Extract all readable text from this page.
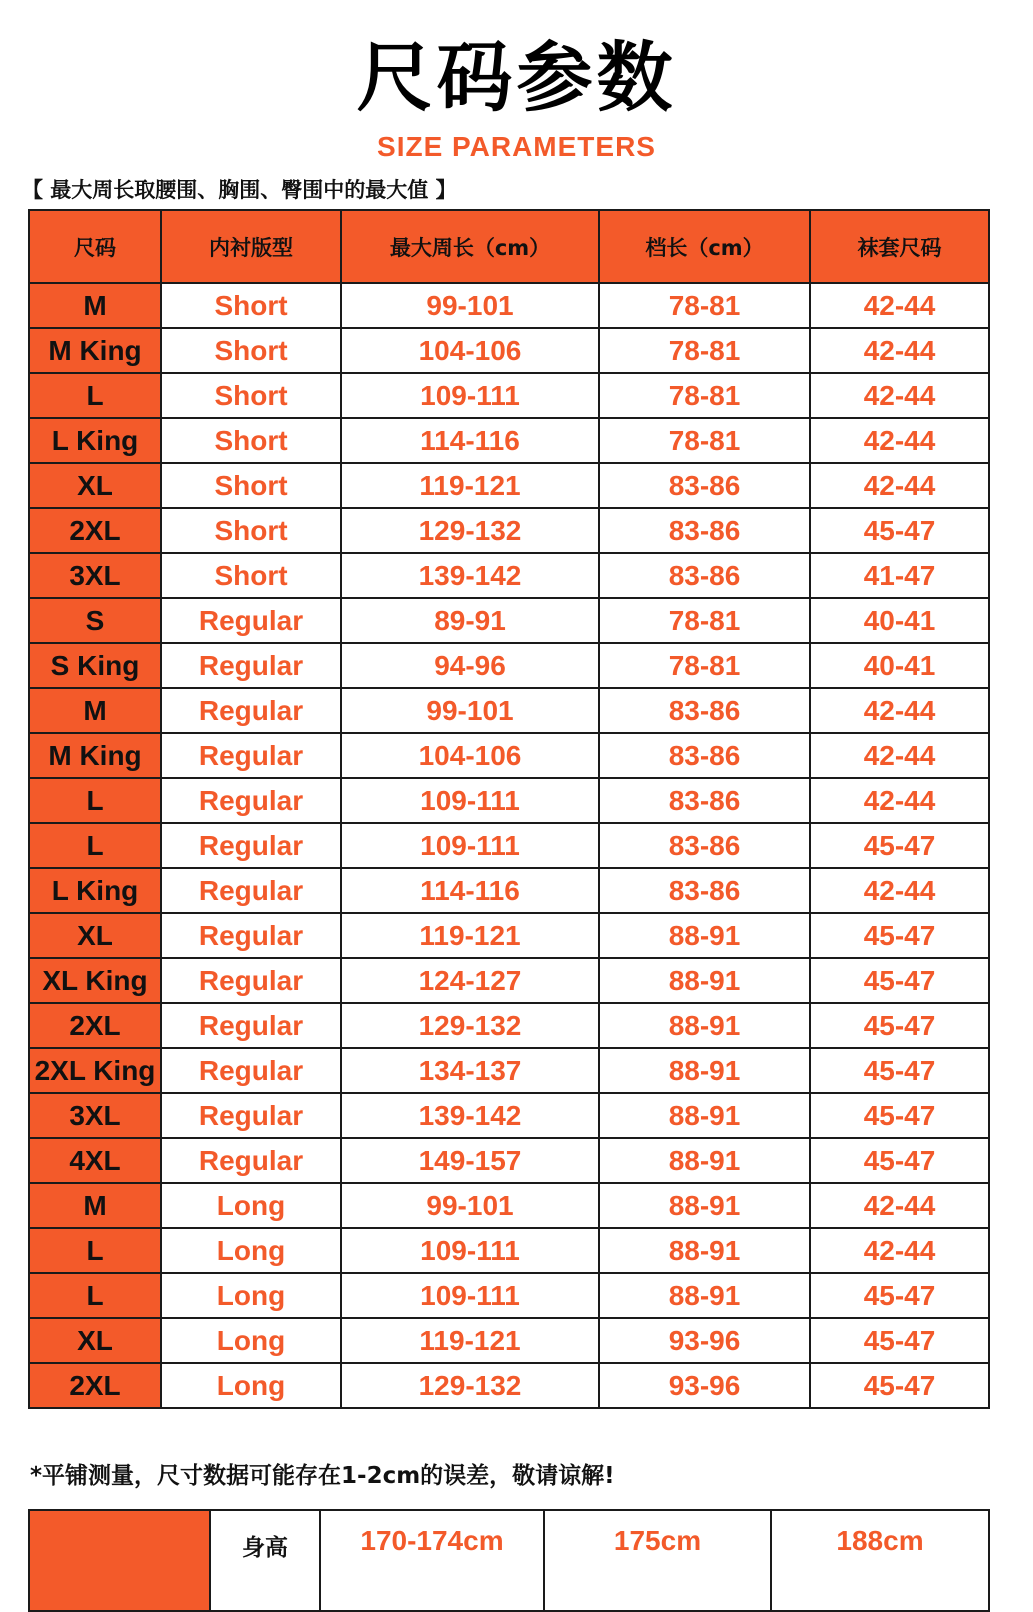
尺码参数
SIZE PARAMETERS
【 最大周长取腰围、胸围、臀围中的最大值 】
尺码	内衬版型	最大周长（cm）	档长（cm）	袜套尺码
M	Short	99-101	78-81	42-44
M King	Short	104-106	78-81	42-44
L	Short	109-111	78-81	42-44
L King	Short	114-116	78-81	42-44
XL	Short	119-121	83-86	42-44
2XL	Short	129-132	83-86	45-47
3XL	Short	139-142	83-86	41-47
S	Regular	89-91	78-81	40-41
S King	Regular	94-96	78-81	40-41
M	Regular	99-101	83-86	42-44
M King	Regular	104-106	83-86	42-44
L	Regular	109-111	83-86	42-44
L	Regular	109-111	83-86	45-47
L King	Regular	114-116	83-86	42-44
XL	Regular	119-121	88-91	45-47
XL King	Regular	124-127	88-91	45-47
2XL	Regular	129-132	88-91	45-47
2XL King	Regular	134-137	88-91	45-47
3XL	Regular	139-142	88-91	45-47
4XL	Regular	149-157	88-91	45-47
M	Long	99-101	88-91	42-44
L	Long	109-111	88-91	42-44
L	Long	109-111	88-91	45-47
XL	Long	119-121	93-96	45-47
2XL	Long	129-132	93-96	45-47
*平铺测量，尺寸数据可能存在1-2cm的误差，敬请谅解!
	身高	170-174cm	175cm	188cm
